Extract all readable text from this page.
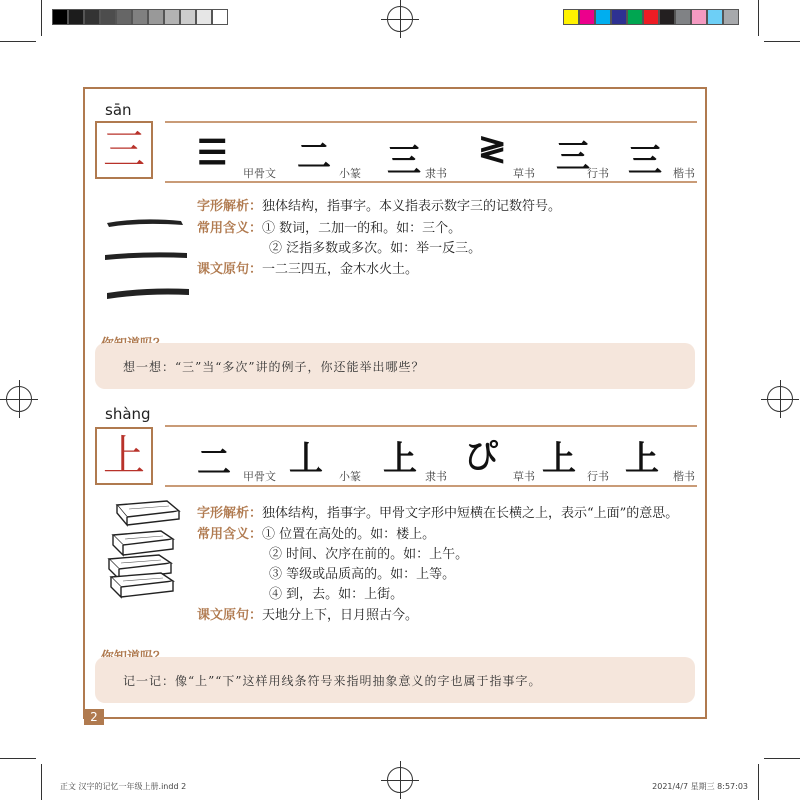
sān
三 ☰
甲骨文 二 小篆 三 隶书
≷
草书 三
行书 三 楷书
字形解析：独体结构，指事字。本义指表示数字三的记数符号。
常用含义：① 数词，二加一的和。如：三个。
② 泛指多数或多次。如：举一反三。
课文原句：一二三四五，金木水火土。
想一想：“三”当“多次”讲的例子，你还能举出哪些？
shàng
上 二 甲骨文 丄 小篆 上 隶书 ぴ 草书 上 行书 上 楷书
字形解析：独体结构，指事字。甲骨文字形中短横在长横之上，表示“上面”的意思。
常用含义：① 位置在高处的。如：楼上。
② 时间、次序在前的。如：上午。
③ 等级或品质高的。如：上等。
④ 到，去。如：上街。
课文原句：天地分上下，日月照古今。
记一记：像“上”“下”这样用线条符号来指明抽象意义的字也属于指事字。
2
正文 汉字的记忆一年级上册.indd 2	2021/4/7 星期三 8:57:03
